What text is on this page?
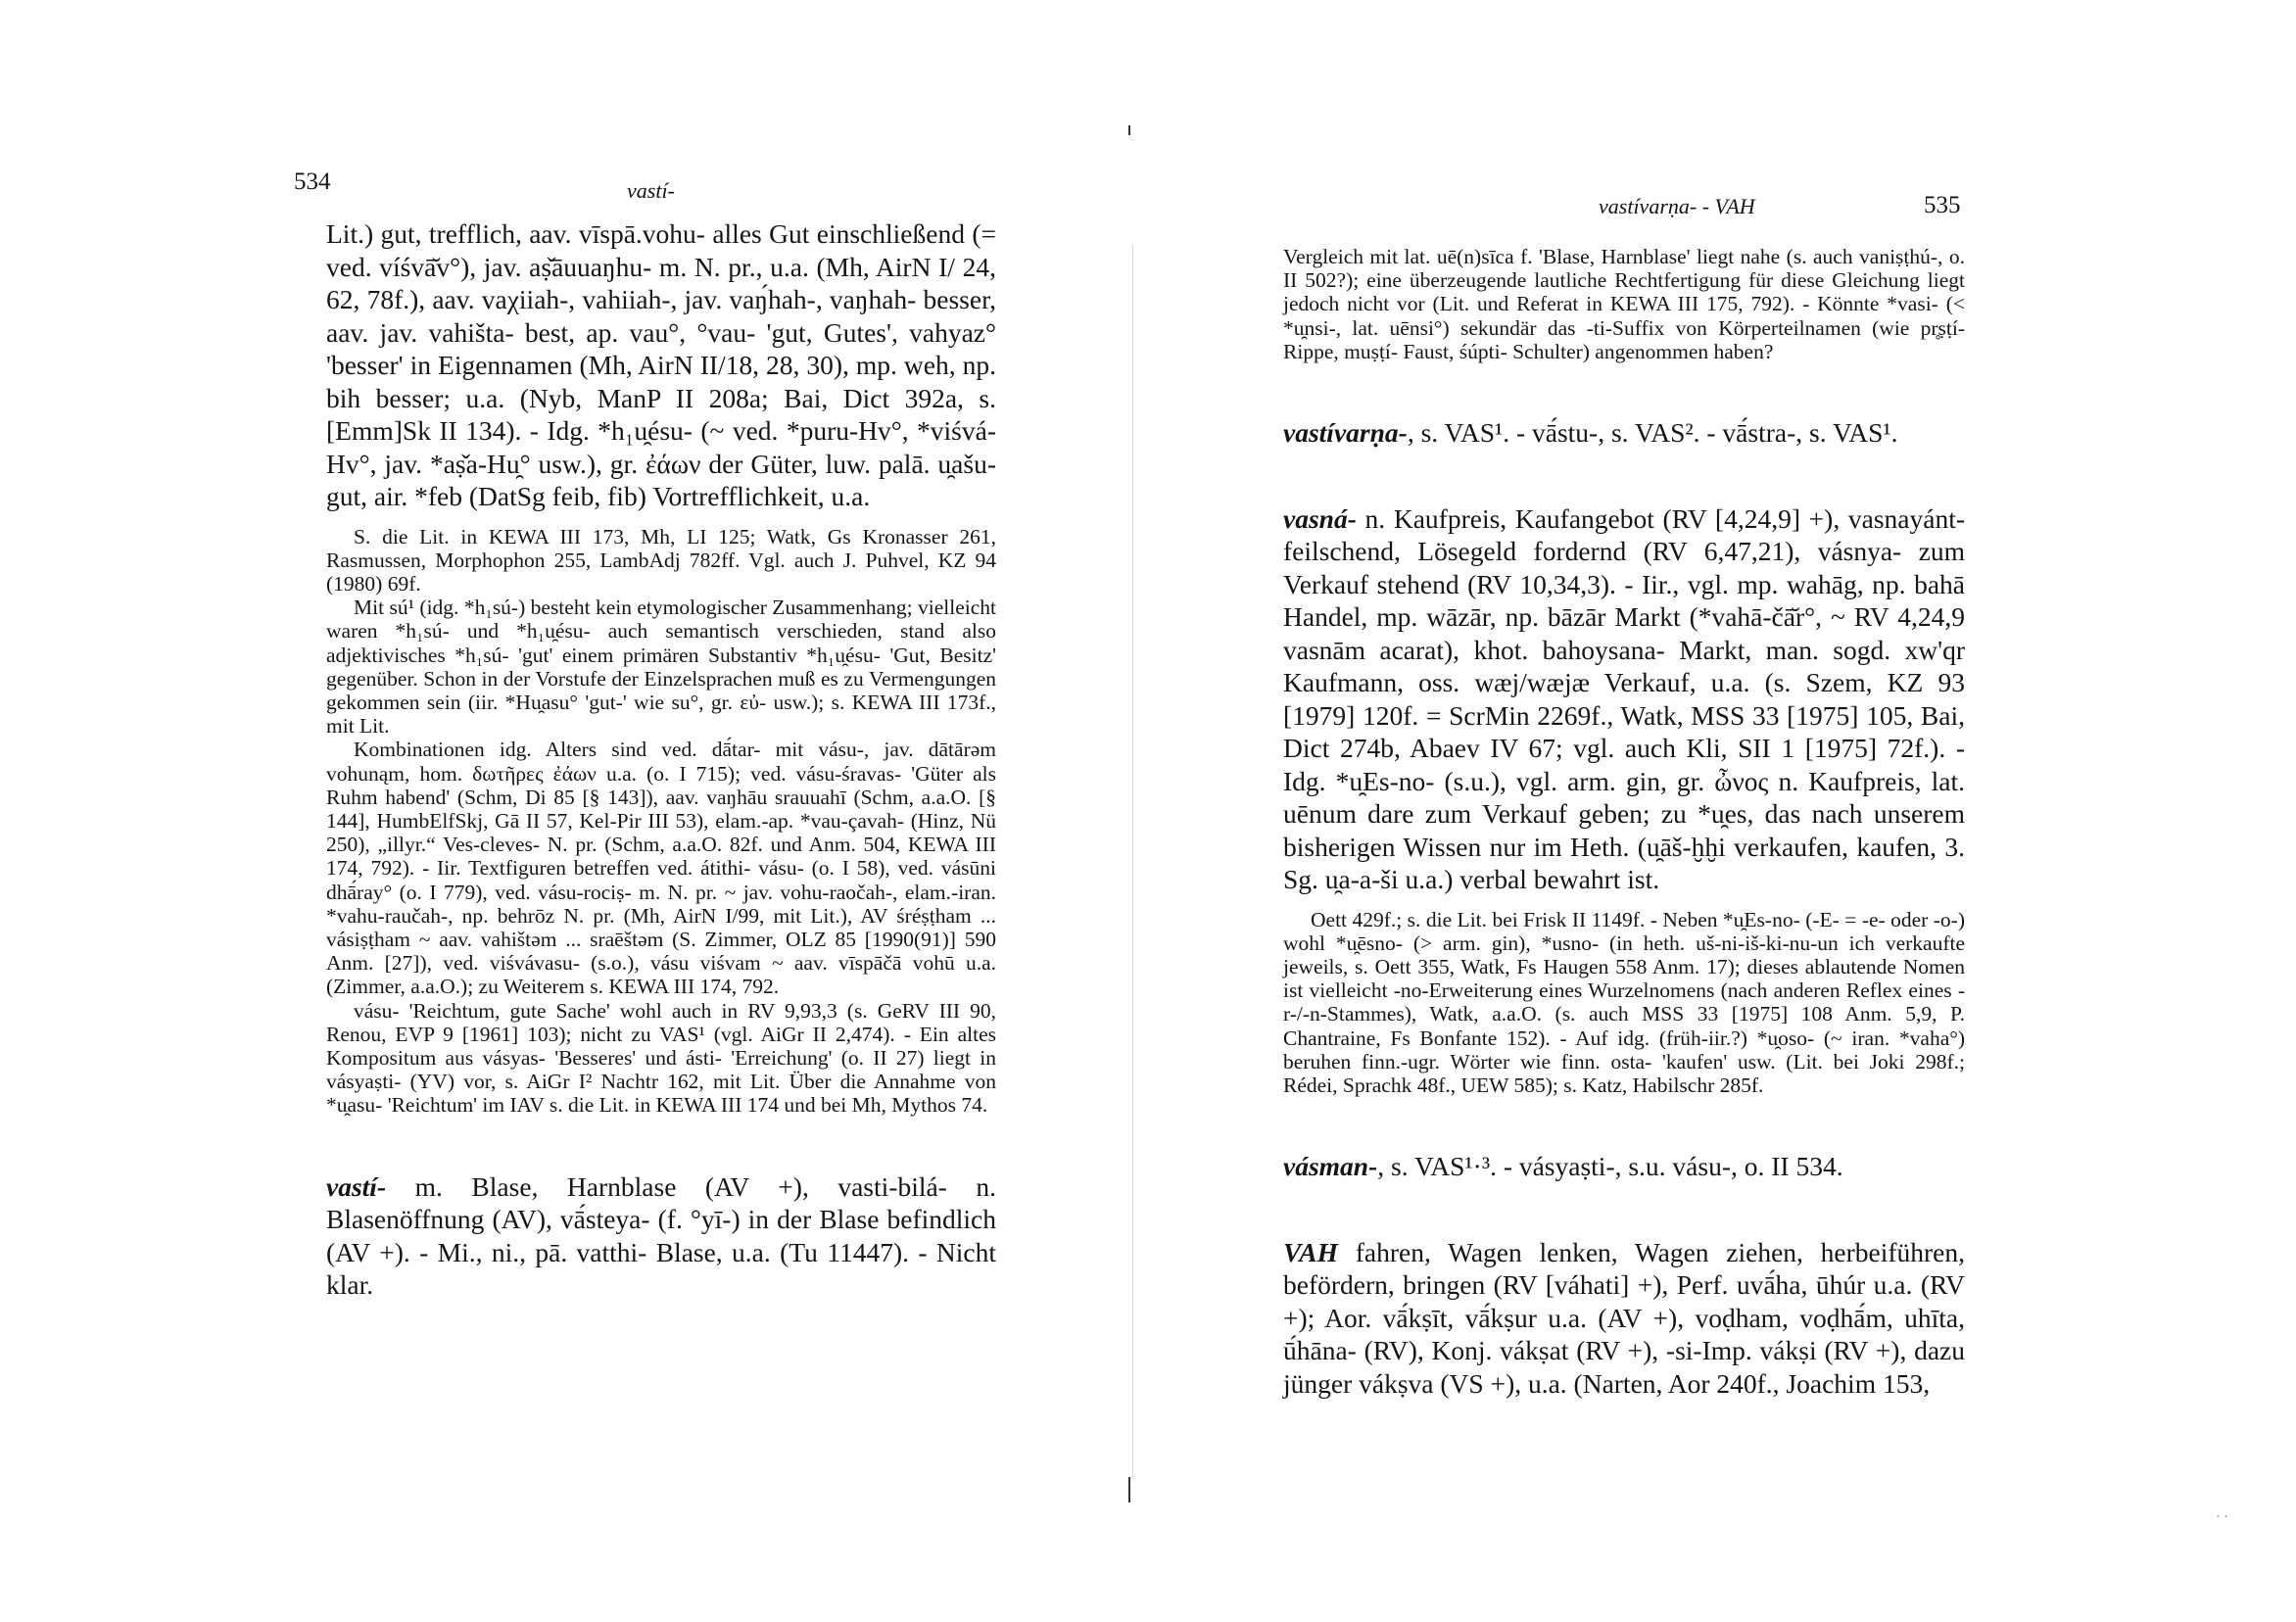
534	vastí-

Lit.) gut, trefflich, aav. vīspā.vohu- alles Gut einschließend (= ved. víśvā̆v°), jav. aṣ̌āuuaŋhu- m. N. pr., u.a. (Mh, AirN I/ 24, 62, 78f.), aav. vaχiiah-, vahiiah-, jav. vaŋ́hah-, vaŋhah- besser, aav. jav. vahišta- best, ap. vau°, °vau- 'gut, Gutes', vahyaz° 'besser' in Eigennamen (Mh, AirN II/18, 28, 30), mp. weh, np. bih besser; u.a. (Nyb, ManP II 208a; Bai, Dict 392a, s. [Emm]Sk II 134). - Idg. *h₁u̯ésu- (~ ved. *puru-Hv°, *viśvá-Hv°, jav. *aṣ̌a-Hu̯° usw.), gr. ἐάων der Güter, luw. palā. u̯ašu- gut, air. *feb (DatSg feib, fib) Vortrefflichkeit, u.a.

S. die Lit. in KEWA III 173, Mh, LI 125; Watk, Gs Kronasser 261, Rasmussen, Morphophon 255, LambAdj 782ff. Vgl. auch J. Puhvel, KZ 94 (1980) 69f.

Mit sú¹ (idg. *h₁sú-) besteht kein etymologischer Zusammenhang; vielleicht waren *h₁sú- und *h₁u̯ésu- auch semantisch verschieden, stand also adjektivisches *h₁sú- 'gut' einem primären Substantiv *h₁u̯ésu- 'Gut, Besitz' gegenüber. Schon in der Vorstufe der Einzelsprachen muß es zu Vermengungen gekommen sein (iir. *Hu̯asu° 'gut-' wie su°, gr. εὐ- usw.); s. KEWA III 173f., mit Lit.

Kombinationen idg. Alters sind ved. dā́tar- mit vásu-, jav. dātārəm vohunąm, hom. δωτῆρες ἐάων u.a. (o. I 715); ved. vásu-śravas- 'Güter als Ruhm habend' (Schm, Di 85 [§ 143]), aav. vaŋhāu srauuahī (Schm, a.a.O. [§ 144], HumbElfSkj, Gā II 57, Kel-Pir III 53), elam.-ap. *vau-çavah- (Hinz, Nü 250), „illyr.“ Ves-cleves- N. pr. (Schm, a.a.O. 82f. und Anm. 504, KEWA III 174, 792). - Iir. Textfiguren betreffen ved. átithi- vásu- (o. I 58), ved. vásūni dhā́ray° (o. I 779), ved. vásu-rociṣ- m. N. pr. ~ jav. vohu-raočah-, elam.-iran. *vahu-raučah-, np. behrōz N. pr. (Mh, AirN I/99, mit Lit.), AV śréṣṭham ... vásiṣṭham ~ aav. vahištəm ... sraēštəm (S. Zimmer, OLZ 85 [1990(91)] 590 Anm. [27]), ved. viśvávasu- (s.o.), vásu viśvam ~ aav. vīspāčā vohū u.a. (Zimmer, a.a.O.); zu Weiterem s. KEWA III 174, 792.

vásu- 'Reichtum, gute Sache' wohl auch in RV 9,93,3 (s. GeRV III 90, Renou, EVP 9 [1961] 103); nicht zu VAS¹ (vgl. AiGr II 2,474). - Ein altes Kompositum aus vásyas- 'Besseres' und ásti- 'Erreichung' (o. II 27) liegt in vásyaṣti- (YV) vor, s. AiGr I² Nachtr 162, mit Lit. Über die Annahme von *u̯asu- 'Reichtum' im IAV s. die Lit. in KEWA III 174 und bei Mh, Mythos 74.

vastí- m. Blase, Harnblase (AV +), vasti-bilá- n. Blasenöffnung (AV), vā́steya- (f. °yī-) in der Blase befindlich (AV +). - Mi., ni., pā. vatthi- Blase, u.a. (Tu 11447). - Nicht klar.

vastívarṇa- - VAH	535

Vergleich mit lat. uē(n)sīca f. 'Blase, Harnblase' liegt nahe (s. auch vaniṣṭhú-, o. II 502?); eine überzeugende lautliche Rechtfertigung für diese Gleichung liegt jedoch nicht vor (Lit. und Referat in KEWA III 175, 792). - Könnte *vasi- (< *u̯nsi-, lat. uēnsi°) sekundär das -ti-Suffix von Körperteilnamen (wie pr̥ṣṭí- Rippe, muṣṭí- Faust, śúpti- Schulter) angenommen haben?

vastívarṇa-, s. VAS¹. - vā́stu-, s. VAS². - vā́stra-, s. VAS¹.

vasná- n. Kaufpreis, Kaufangebot (RV [4,24,9] +), vasnayánt- feilschend, Lösegeld fordernd (RV 6,47,21), vásnya- zum Verkauf stehend (RV 10,34,3). - Iir., vgl. mp. wahāg, np. bahā Handel, mp. wāzār, np. bāzār Markt (*vahā-čā̆r°, ~ RV 4,24,9 vasnām acarat), khot. bahoysana- Markt, man. sogd. xw'qr Kaufmann, oss. wæj/wæjæ Verkauf, u.a. (s. Szem, KZ 93 [1979] 120f. = ScrMin 2269f., Watk, MSS 33 [1975] 105, Bai, Dict 274b, Abaev IV 67; vgl. auch Kli, SII 1 [1975] 72f.). - Idg. *u̯Es-no- (s.u.), vgl. arm. gin, gr. ὦνος n. Kaufpreis, lat. uēnum dare zum Verkauf geben; zu *u̯es, das nach unserem bisherigen Wissen nur im Heth. (u̯āš-ḫḫi verkaufen, kaufen, 3. Sg. u̯a-a-ši u.a.) verbal bewahrt ist.

Oett 429f.; s. die Lit. bei Frisk II 1149f. - Neben *u̯Es-no- (-E- = -e- oder -o-) wohl *u̯ēsno- (> arm. gin), *usno- (in heth. uš-ni-iš-ki-nu-un ich verkaufte jeweils, s. Oett 355, Watk, Fs Haugen 558 Anm. 17); dieses ablautende Nomen ist vielleicht -no-Erweiterung eines Wurzelnomens (nach anderen Reflex eines -r-/-n-Stammes), Watk, a.a.O. (s. auch MSS 33 [1975] 108 Anm. 5,9, P. Chantraine, Fs Bonfante 152). - Auf idg. (früh-iir.?) *u̯oso- (~ iran. *vaha°) beruhen finn.-ugr. Wörter wie finn. osta- 'kaufen' usw. (Lit. bei Joki 298f.; Rédei, Sprachk 48f., UEW 585); s. Katz, Habilschr 285f.

vásman-, s. VAS¹·³. - vásyaṣti-, s.u. vásu-, o. II 534.

VAH fahren, Wagen lenken, Wagen ziehen, herbeiführen, befördern, bringen (RV [váhati] +), Perf. uvā́ha, ūhúr u.a. (RV +); Aor. vā́kṣīt, vā́kṣur u.a. (AV +), voḍham, voḍhā́m, uhīta, ū́hāna- (RV), Konj. vákṣat (RV +), -si-Imp. vákṣi (RV +), dazu jünger vákṣva (VS +), u.a. (Narten, Aor 240f., Joachim 153,

· ·
